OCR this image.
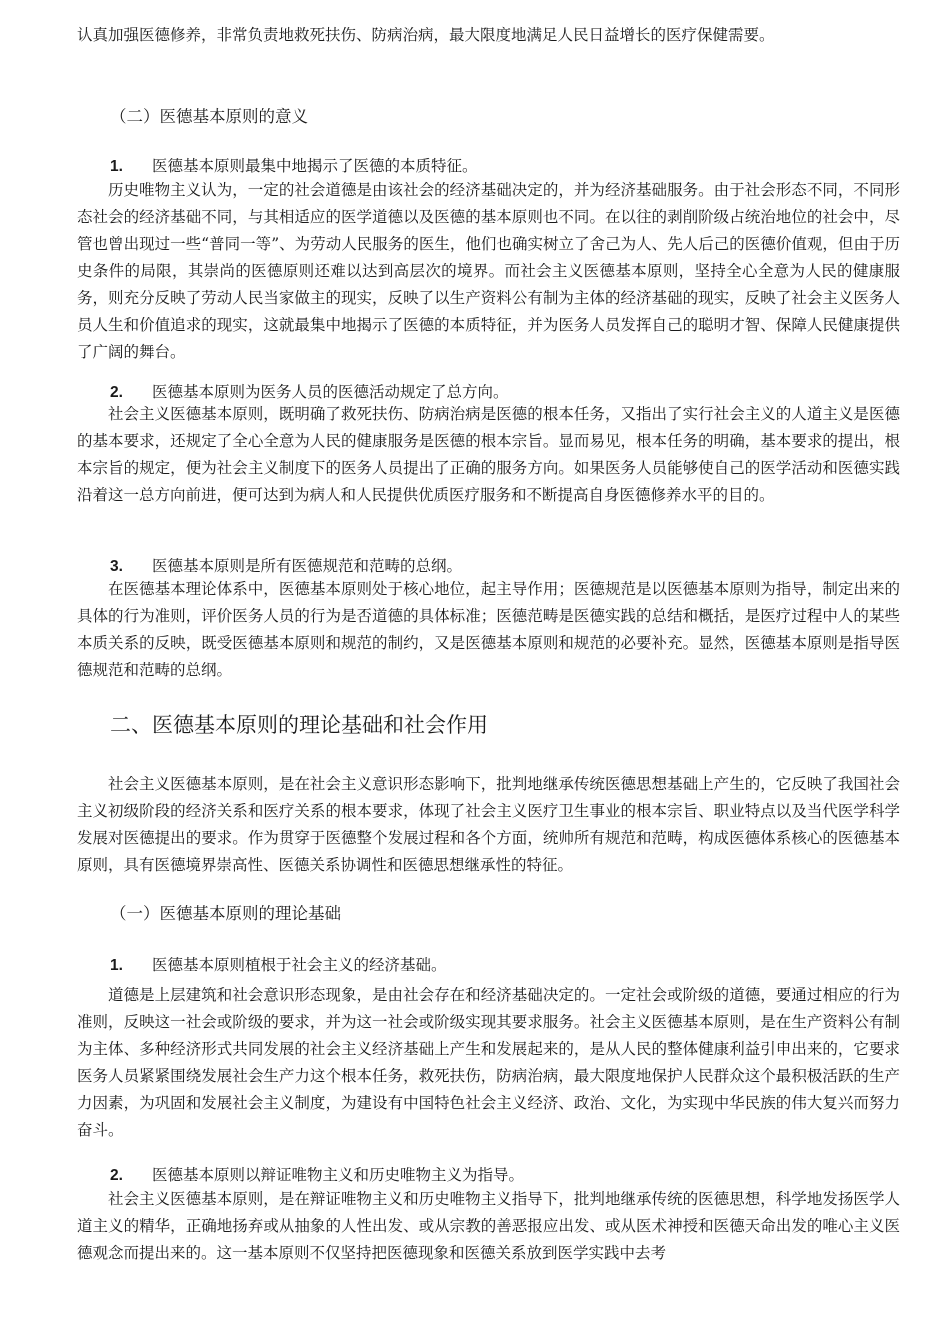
认真加强医德修养，非常负责地救死扶伤、防病治病，最大限度地满足人民日益增长的医疗保健需要。

（二）医德基本原则的意义

1. 医德基本原则最集中地揭示了医德的本质特征。

历史唯物主义认为，一定的社会道德是由该社会的经济基础决定的，并为经济基础服务。由于社会形态不同，不同形态社会的经济基础不同，与其相适应的医学道德以及医德的基本原则也不同。在以往的剥削阶级占统治地位的社会中，尽管也曾出现过一些“普同一等”、为劳动人民服务的医生，他们也确实树立了舍己为人、先人后己的医德价值观，但由于历史条件的局限，其崇尚的医德原则还难以达到高层次的境界。而社会主义医德基本原则，坚持全心全意为人民的健康服务，则充分反映了劳动人民当家做主的现实，反映了以生产资料公有制为主体的经济基础的现实，反映了社会主义医务人员人生和价值追求的现实，这就最集中地揭示了医德的本质特征，并为医务人员发挥自己的聪明才智、保障人民健康提供了广阔的舞台。

2. 医德基本原则为医务人员的医德活动规定了总方向。

社会主义医德基本原则，既明确了救死扶伤、防病治病是医德的根本任务，又指出了实行社会主义的人道主义是医德的基本要求，还规定了全心全意为人民的健康服务是医德的根本宗旨。显而易见，根本任务的明确，基本要求的提出，根本宗旨的规定，便为社会主义制度下的医务人员提出了正确的服务方向。如果医务人员能够使自己的医学活动和医德实践沿着这一总方向前进，便可达到为病人和人民提供优质医疗服务和不断提高自身医德修养水平的目的。

3. 医德基本原则是所有医德规范和范畴的总纲。

在医德基本理论体系中，医德基本原则处于核心地位，起主导作用；医德规范是以医德基本原则为指导，制定出来的具体的行为准则，评价医务人员的行为是否道德的具体标准；医德范畴是医德实践的总结和概括，是医疗过程中人的某些本质关系的反映，既受医德基本原则和规范的制约，又是医德基本原则和规范的必要补充。显然，医德基本原则是指导医德规范和范畴的总纲。

二、医德基本原则的理论基础和社会作用

社会主义医德基本原则，是在社会主义意识形态影响下，批判地继承传统医德思想基础上产生的，它反映了我国社会主义初级阶段的经济关系和医疗关系的根本要求，体现了社会主义医疗卫生事业的根本宗旨、职业特点以及当代医学科学发展对医德提出的要求。作为贯穿于医德整个发展过程和各个方面，统帅所有规范和范畴，构成医德体系核心的医德基本原则，具有医德境界崇高性、医德关系协调性和医德思想继承性的特征。

（一）医德基本原则的理论基础

1. 医德基本原则植根于社会主义的经济基础。

道德是上层建筑和社会意识形态现象，是由社会存在和经济基础决定的。一定社会或阶级的道德，要通过相应的行为准则，反映这一社会或阶级的要求，并为这一社会或阶级实现其要求服务。社会主义医德基本原则，是在生产资料公有制为主体、多种经济形式共同发展的社会主义经济基础上产生和发展起来的，是从人民的整体健康利益引申出来的，它要求医务人员紧紧围绕发展社会生产力这个根本任务，救死扶伤，防病治病，最大限度地保护人民群众这个最积极活跃的生产力因素，为巩固和发展社会主义制度，为建设有中国特色社会主义经济、政治、文化，为实现中华民族的伟大复兴而努力奋斗。

2. 医德基本原则以辩证唯物主义和历史唯物主义为指导。

社会主义医德基本原则，是在辩证唯物主义和历史唯物主义指导下，批判地继承传统的医德思想，科学地发扬医学人道主义的精华，正确地扬弃或从抽象的人性出发、或从宗教的善恶报应出发、或从医术神授和医德天命出发的唯心主义医德观念而提出来的。这一基本原则不仅坚持把医德现象和医德关系放到医学实践中去考
